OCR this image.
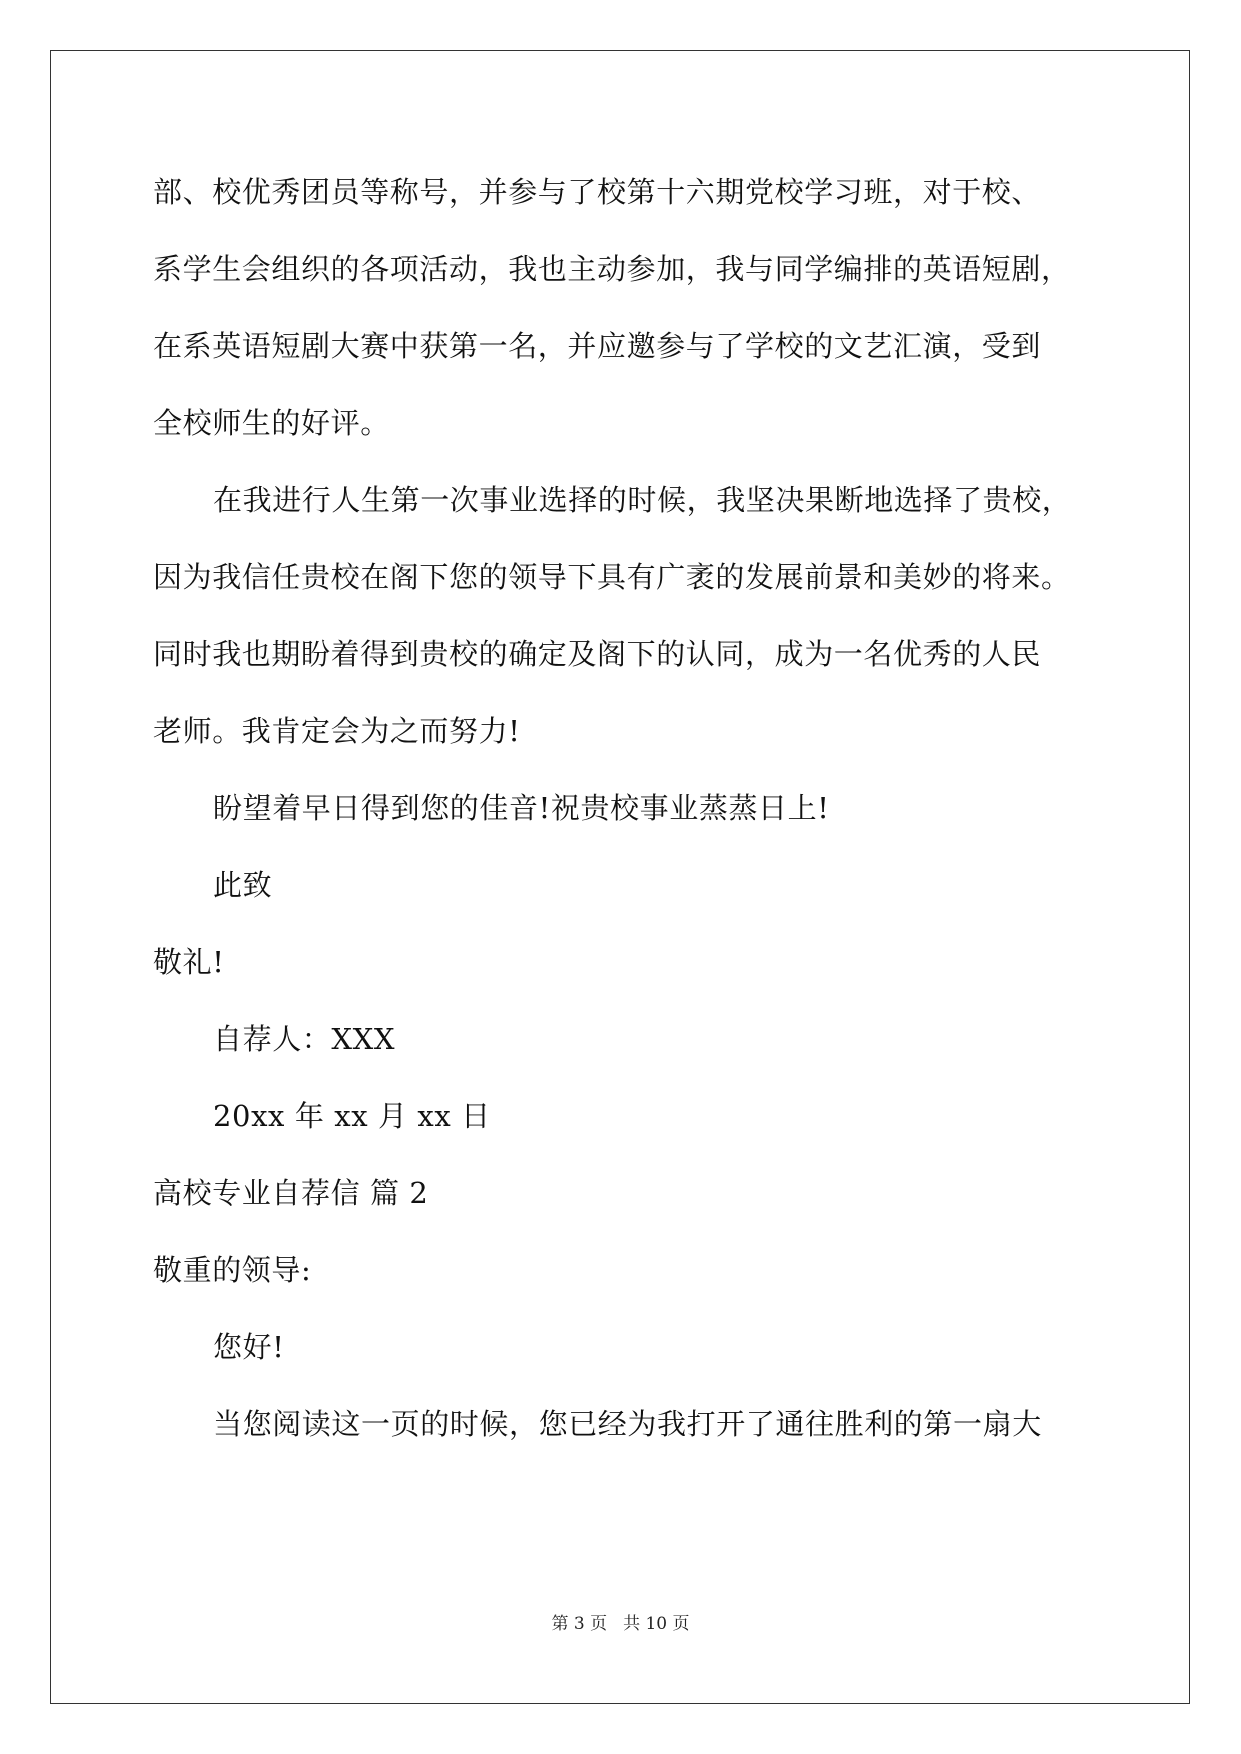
部、校优秀团员等称号，并参与了校第十六期党校学习班，对于校、
系学生会组织的各项活动，我也主动参加，我与同学编排的英语短剧，
在系英语短剧大赛中获第一名，并应邀参与了学校的文艺汇演，受到
全校师生的好评。
在我进行人生第一次事业选择的时候，我坚决果断地选择了贵校，
因为我信任贵校在阁下您的领导下具有广袤的发展前景和美妙的将来。
同时我也期盼着得到贵校的确定及阁下的认同，成为一名优秀的人民
老师。我肯定会为之而努力!
盼望着早日得到您的佳音!祝贵校事业蒸蒸日上!
此致
敬礼!
自荐人：XXX
20xx 年 xx 月 xx 日
高校专业自荐信 篇 2
敬重的领导:
您好!
当您阅读这一页的时候，您已经为我打开了通往胜利的第一扇大
第 3 页 共 10 页
